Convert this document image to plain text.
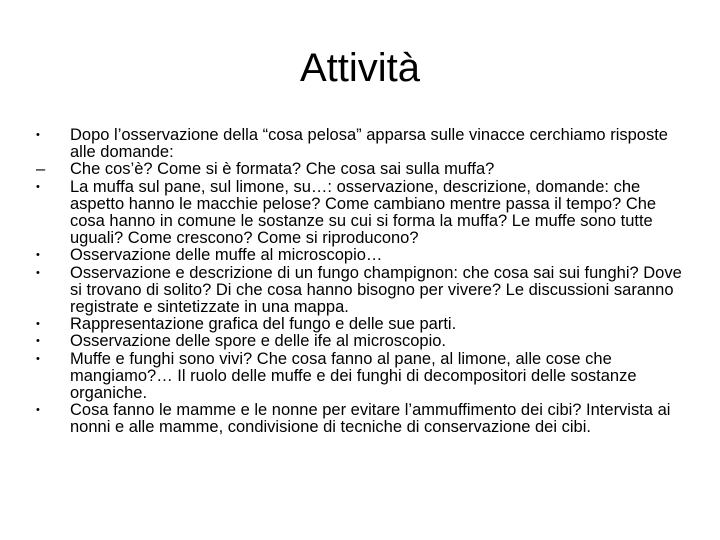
Attività
•	Dopo l’osservazione della “cosa pelosa” apparsa sulle vinacce cerchiamo risposte alle domande:
– Che cos’è? Come si è formata? Che cosa sai sulla muffa?
•	La muffa sul pane, sul limone, su…: osservazione, descrizione, domande: che aspetto hanno le macchie pelose? Come cambiano mentre passa il tempo? Che cosa hanno in comune le sostanze su cui si forma la muffa? Le muffe sono tutte uguali? Come crescono? Come si riproducono?
•	Osservazione delle muffe al microscopio…
•	Osservazione e descrizione di un fungo champignon: che cosa sai sui funghi? Dove si trovano di solito? Di che cosa hanno bisogno per vivere? Le discussioni saranno registrate e sintetizzate in una mappa.
•	Rappresentazione grafica del fungo e delle sue parti.
•	Osservazione delle spore e delle ife al microscopio.
•	Muffe e funghi sono vivi? Che cosa fanno al pane, al limone, alle cose che mangiamo?… Il ruolo delle muffe e dei funghi di decompositori delle sostanze organiche.
•	Cosa fanno le mamme e le nonne per evitare l’ammuffimento dei cibi? Intervista ai nonni e alle mamme, condivisione di tecniche di conservazione dei cibi.
